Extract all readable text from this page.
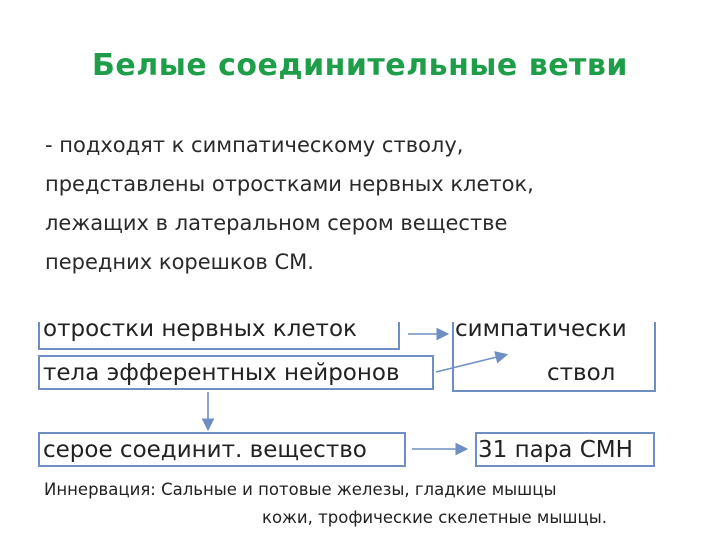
Белые соединительные ветви
- подходят к симпатическому стволу,
представлены отростками нервных клеток,
лежащих в латеральном сером веществе
передних корешков СМ.
отростки нервных клеток
тела эфферентных нейронов
симпатически
ствол
серое соединит. вещество	31 пара СМН
Иннервация: Сальные и потовые железы, гладкие мышцы
кожи, трофические скелетные мышцы.
